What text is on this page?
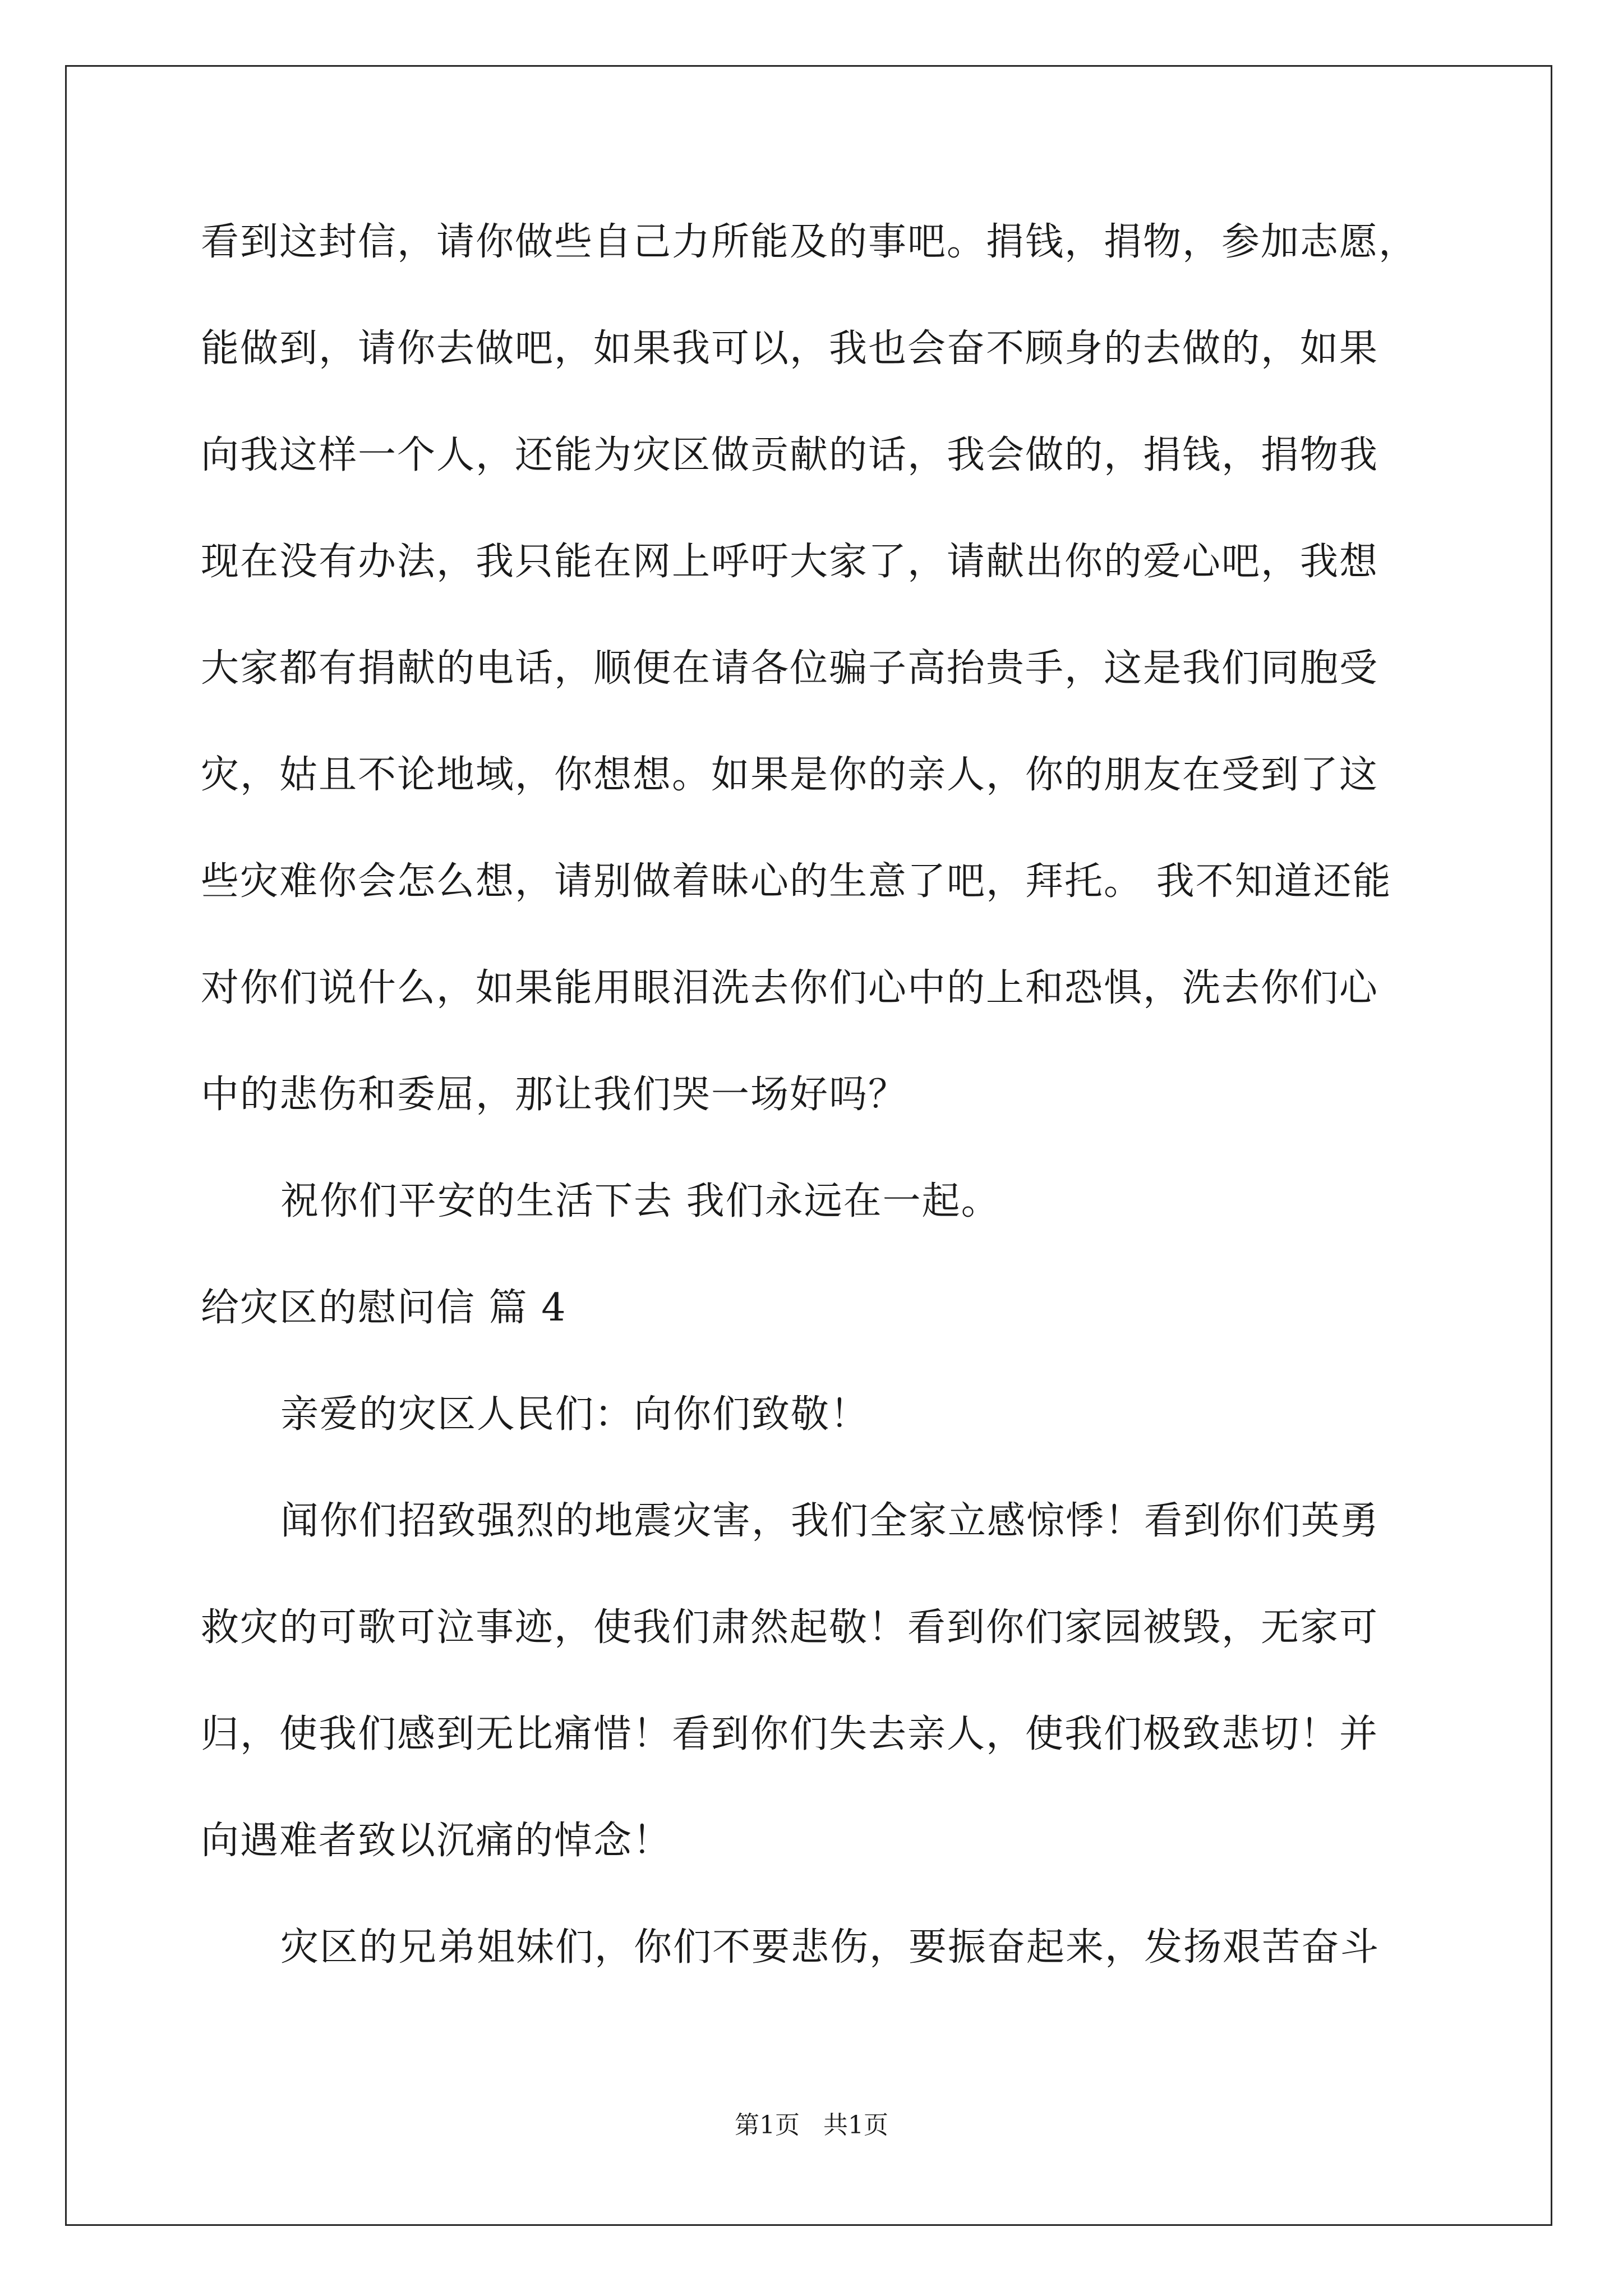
看到这封信，请你做些自己力所能及的事吧。捐钱，捐物，参加志愿，
能做到，请你去做吧，如果我可以，我也会奋不顾身的去做的，如果
向我这样一个人，还能为灾区做贡献的话，我会做的，捐钱，捐物我
现在没有办法，我只能在网上呼吁大家了，请献出你的爱心吧，我想
大家都有捐献的电话，顺便在请各位骗子高抬贵手，这是我们同胞受
灾，姑且不论地域，你想想。如果是你的亲人，你的朋友在受到了这
些灾难你会怎么想，请别做着昧心的生意了吧，拜托。 我不知道还能
对你们说什么，如果能用眼泪洗去你们心中的上和恐惧，洗去你们心
中的悲伤和委屈，那让我们哭一场好吗？
祝你们平安的生活下去 我们永远在一起。
给灾区的慰问信 篇 4
亲爱的灾区人民们：向你们致敬！
闻你们招致强烈的地震灾害，我们全家立感惊悸！看到你们英勇
救灾的可歌可泣事迹，使我们肃然起敬！看到你们家园被毁，无家可
归，使我们感到无比痛惜！看到你们失去亲人，使我们极致悲切！并
向遇难者致以沉痛的悼念！
灾区的兄弟姐妹们，你们不要悲伤，要振奋起来，发扬艰苦奋斗
第1页   共1页
